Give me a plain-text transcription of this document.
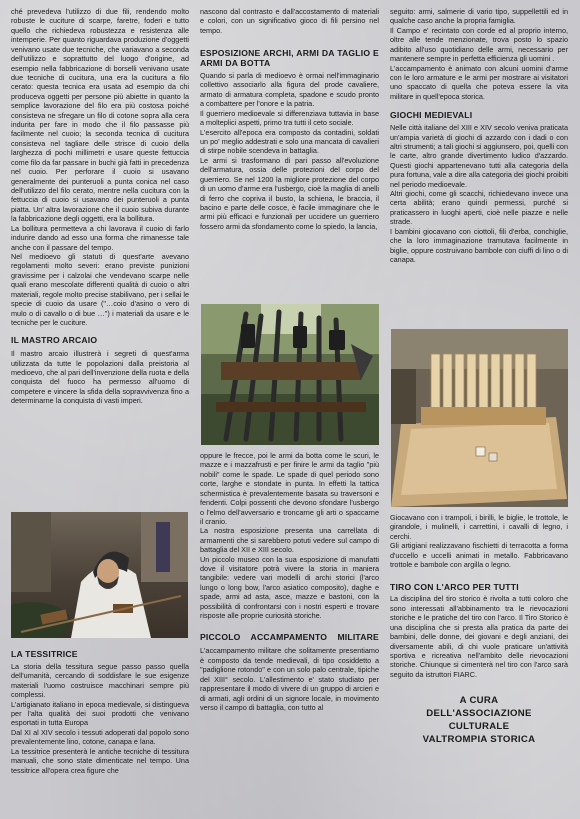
ché prevedeva l'utilizzo di due fili, rendendo molto robuste le cuciture di scarpe, faretre, foderi e tutto quello che richiedeva robustezza e resistenza alle intemperie. Per quanto riguardava produzione d'oggetti venivano usate due tecniche, che variavano a seconda dell'utilizzo e soprattutto del luogo d'origine, ad esempio nella fabbricazione di borselli venivano usate due tecniche di cucitura, una era la cucitura a filo cerato: questa tecnica era usata ad esempio da chi produceva oggetti per persone più abiette in quanto la semplice lavorazione del filo era più costosa poiché consisteva ne sfregare un filo di cotone sopra alla cera indurita per fare in modo che il filo passasse più facilmente nel cuoio; la seconda tecnica di cucitura consisteva nel tagliare delle strisce di cuoio della larghezza di pochi millimetri e usare queste fettuccia come filo da far passare in buchi già fatti in precedenza nel cuoio. Per perforare il cuoio si usavano generalmente dei punteruoli a punta conica nel caso dell'utilizzo del filo cerato, mentre nella cucitura con la fettuccia di cuoio si usavano dei punteruoli a punta piatta. Un' altra lavorazione che il cuoio subiva durante la fabbricazione degli oggetti, era la bollitura.

La bollitura permetteva a chi lavorava il cuoio di farlo indurire dando ad esso una forma che rimanesse tale anche con il passare del tempo.

Nel medioevo gli statuti di quest'arte avevano regolamenti molto severi: erano previste punizioni gravissime per i calzolai che vendevano scarpe nelle quali erano mescolate differenti qualità di cuoio o altri materiali, regole molto precise stabilivano, per i sellai le specie di cuoio da usare ("…coio d'asino o vero di mulo o di cavallo o di bue …") i materiali da usare e le tecniche per le cuciture.

IL MASTRO ARCAIO

Il mastro arcaio illustrerà i segreti di quest'arma utilizzata da tutte le popolazioni dalla preistoria al medioevo, che al pari dell'invenzione della ruota e della conquista del fuoco ha permesso all'uomo di competere e vincere la sfida della sopravvivenza fino a determinarne la conquista di vasti imperi.

LA TESSITRICE

La storia della tessitura segue passo passo quella dell'umanità, cercando di soddisfare le sue esigenze materiali l'uomo costruisce macchinari sempre più complessi.

L'artigianato italiano in epoca medievale, si distingueva per l'alta qualità dei suoi prodotti che venivano esportati in tutta Europa

Dal XI al XIV secolo i tessuti adoperati dal popolo sono prevalentemente lino, cotone, canapa e lana.

La tessitrice presenterà le antiche tecniche di tessitura manuali, che sono state dimenticate nel tempo. Una tessitrice all'opera crea figure che

nascono dal contrasto e dall'accostamento di materiali e colori, con un significativo gioco di fili persino nel tempo.

ESPOSIZIONE ARCHI, ARMI DA TAGLIO E ARMI DA BOTTA

Quando si parla di medioevo è ormai nell'immaginario collettivo associarlo alla figura del prode cavaliere, armato di armatura completa, spadone e scudo pronto a combattere per l'onore e la patria.

Il guerriero medioevale si differenziava tuttavia in base a molteplici aspetti, primo tra tutti il ceto sociale.

L'esercito all'epoca era composto da contadini, soldati un po' meglio addestrati e solo una mancata di cavalieri di stirpe nobile scendeva in battaglia.

Le armi si trasformano di pari passo all'evoluzione dell'armatura, ossia delle protezioni del corpo del guerriero. Se nel 1200 la migliore protezione del corpo di un uomo d'arme era l'usbergo, cioè la maglia di anelli di ferro che copriva il busto, la schiena, le braccia, il bacino e parte delle cosce, è facile immaginare che le armi più efficaci e funzionali per uccidere un guerriero fossero armi da sfondamento come lo spiedo, la lancia,

oppure le frecce, poi le armi da botta come le scuri, le mazze e i mazzafrusti e per finire le armi da taglio "più nobili" come le spade. Le spade di quel periodo sono corte, larghe e stondate in punta. In effetti la tattica schermistica è prevalentemente basata su traversoni e fendenti. Colpi possenti che devono sfondare l'usbergo o l'elmo dell'avversario e troncarne gli arti o spaccarne il cranio.

La nostra esposizione presenta una carrellata di armamenti che si sarebbero potuti vedere sul campo di battaglia del XII e XIII secolo.

Un piccolo museo con la sua esposizione di manufatti dove il visitatore potrà vivere la storia in maniera tangibile: vedere vari modelli di archi storici (l'arco lungo o long bow, l'arco asiatico composito), daghe e spade, armi ad asta, asce, mazze e bastoni, con la possibilità di confrontarsi con i nostri esperti e trovare risposte alle proprie curiosità storiche.

PICCOLO ACCAMPAMENTO MILITARE

L'accampamento militare che solitamente presentiamo è composto da tende medievali, di tipo cosiddetto a "padiglione rotondo" e con un solo palo centrale, tipiche del XIII° secolo. L'allestimento e' stato studiato per rappresentare il modo di vivere di un gruppo di arcieri e di armati, agli ordini di un signore locale, in movimento verso il campo di battaglia, con tutto al

seguito: armi, salmerie di vario tipo, suppellettili ed in qualche caso anche la propria famiglia.

Il Campo e' recintato con corde ed al proprio interno, oltre alle tende menzionate, trova posto lo spazio adibito all'uso quotidiano delle armi, necessario per mantenere sempre in perfetta efficienza gli uomini .

L'accampamento è animato con alcuni uomini d'arme con le loro armature e le armi per mostrare ai visitatori uno spaccato di quella che poteva essere la vita militare in quell'epoca storica.

GIOCHI MEDIEVALI

Nelle città italiane del XIII e XIV secolo veniva praticata un'ampia varietà di giochi di azzardo con i dadi o con altri strumenti; a tali giochi si aggiunsero, poi, quelli con le carte, altro grande divertimento ludico d'azzardo. Questi giochi appartenevano tutti alla categoria della pura fortuna, vale a dire alla categoria dei giochi proibiti nel periodo medioevale.

Altri giochi, come gli scacchi, richiedevano invece una certa abilità; erano quindi permessi, purché si praticassero in luoghi aperti, cioè nelle piazze e nelle strade.

I bambini giocavano con ciottoli, fili d'erba, conchiglie, che la loro immaginazione tramutava facilmente in biglie, oppure costruivano bambole con ciuffi di lino o di canapa.

Giocavano con i trampoli, i birilli, le biglie, le trottole, le girandole, i mulinelli, i carrettini, i cavalli di legno, i cerchi.

Gli artigiani realizzavano fischietti di terracotta a forma d'uccello e uccelli animati in metallo. Fabbricavano trottole e bambole con argilla o legno.

TIRO CON L'ARCO PER TUTTI

La disciplina del tiro storico è rivolta a tutti coloro che sono interessati all'abbinamento tra le rievocazioni storiche e le pratiche del tiro con l'arco. Il Tiro Storico è una disciplina che si presta alla pratica da parte dei bambini, delle donne, dei giovani e degli anziani, dei diversamente abili, di chi vuole praticare un'attività sportiva e ricreativa nell'ambito delle rievocazioni storiche. Chiunque si cimenterà nel tiro con l'arco sarà seguito da istruttori FIARC.

A CURA
DELL'ASSOCIAZIONE
CULTURALE
VALTROMPIA STORICA
